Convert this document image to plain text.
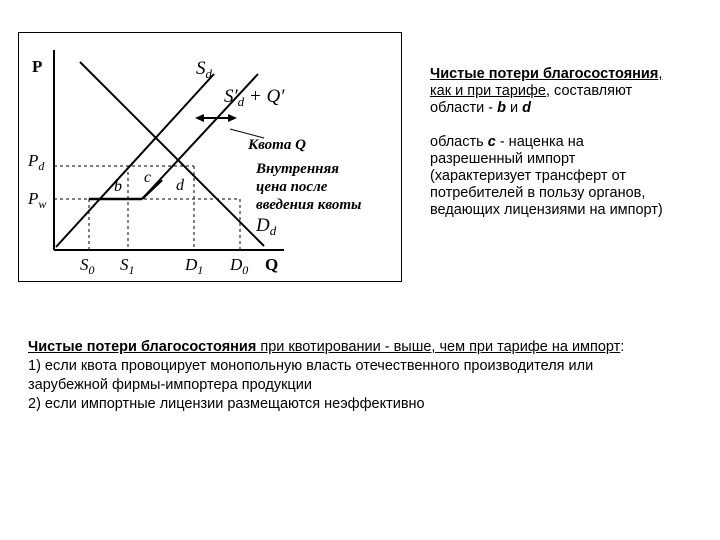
P
Q
$S_d$
$S'_d + Q'$
Квота Q
Внутренняя цена после введения квоты
$D_d$
$P_d$
$P_w$
b
c d
$S_0$ $S_1$	$D_1$ $D_0$

Чистые потери благосостояния, как и при тарифе, составляют области - b и d

область c - наценка на разрешенный импорт (характеризует трансферт от потребителей в пользу органов, ведающих лицензиями на импорт)

Чистые потери благосостояния при квотировании - выше, чем при тарифе на импорт:
1) если квота провоцирует монопольную власть отечественного производителя или
зарубежной фирмы-импортера продукции
2) если импортные лицензии размещаются неэффективно
